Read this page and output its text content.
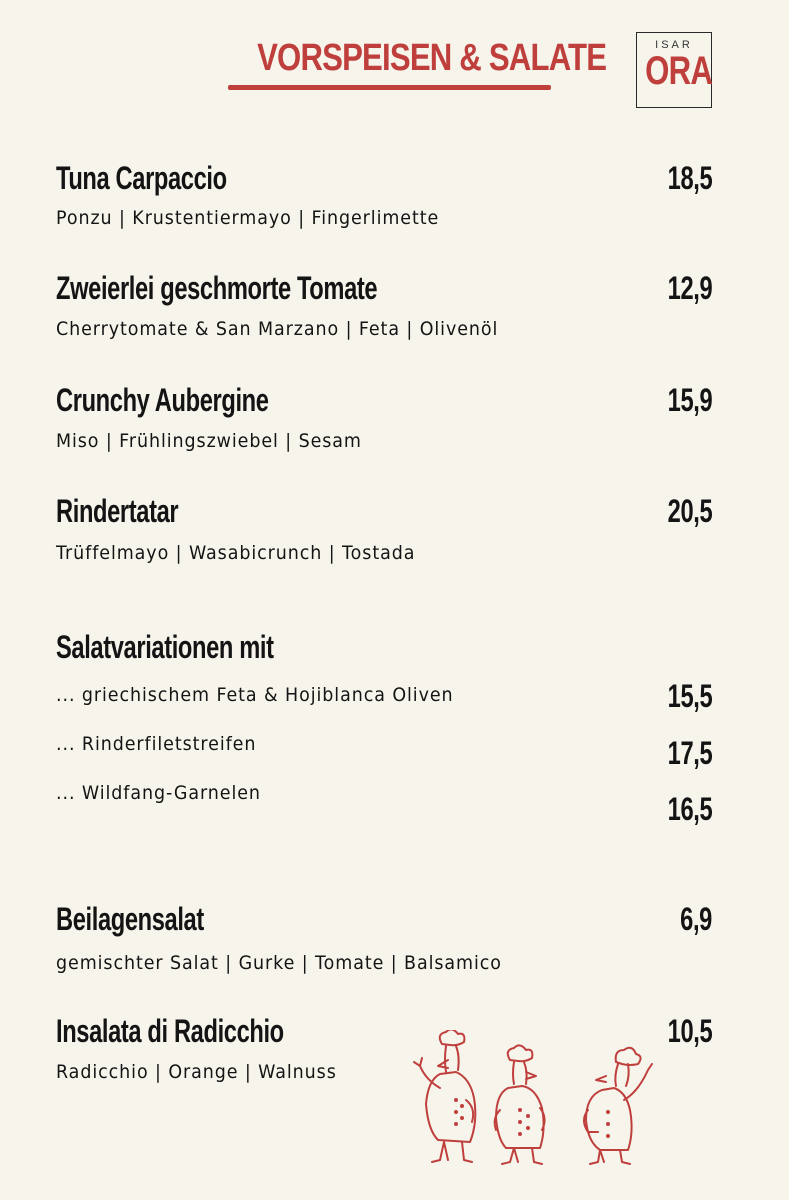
VORSPEISEN & SALATE	ISAR
ORA
Tuna Carpaccio	18,5
Ponzu | Krustentiermayo | Fingerlimette
Zweierlei geschmorte Tomate	12,9
Cherrytomate & San Marzano | Feta | Olivenöl
Crunchy Aubergine	15,9
Miso | Frühlingszwiebel | Sesam
Rindertatar	20,5
Trüffelmayo | Wasabicrunch | Tostada
Salatvariationen mit
... griechischem Feta & Hojiblanca Oliven	15,5
... Rinderfiletstreifen	17,5
... Wildfang-Garnelen	16,5
Beilagensalat	6,9
gemischter Salat | Gurke | Tomate | Balsamico
Insalata di Radicchio	10,5
Radicchio | Orange | Walnuss
